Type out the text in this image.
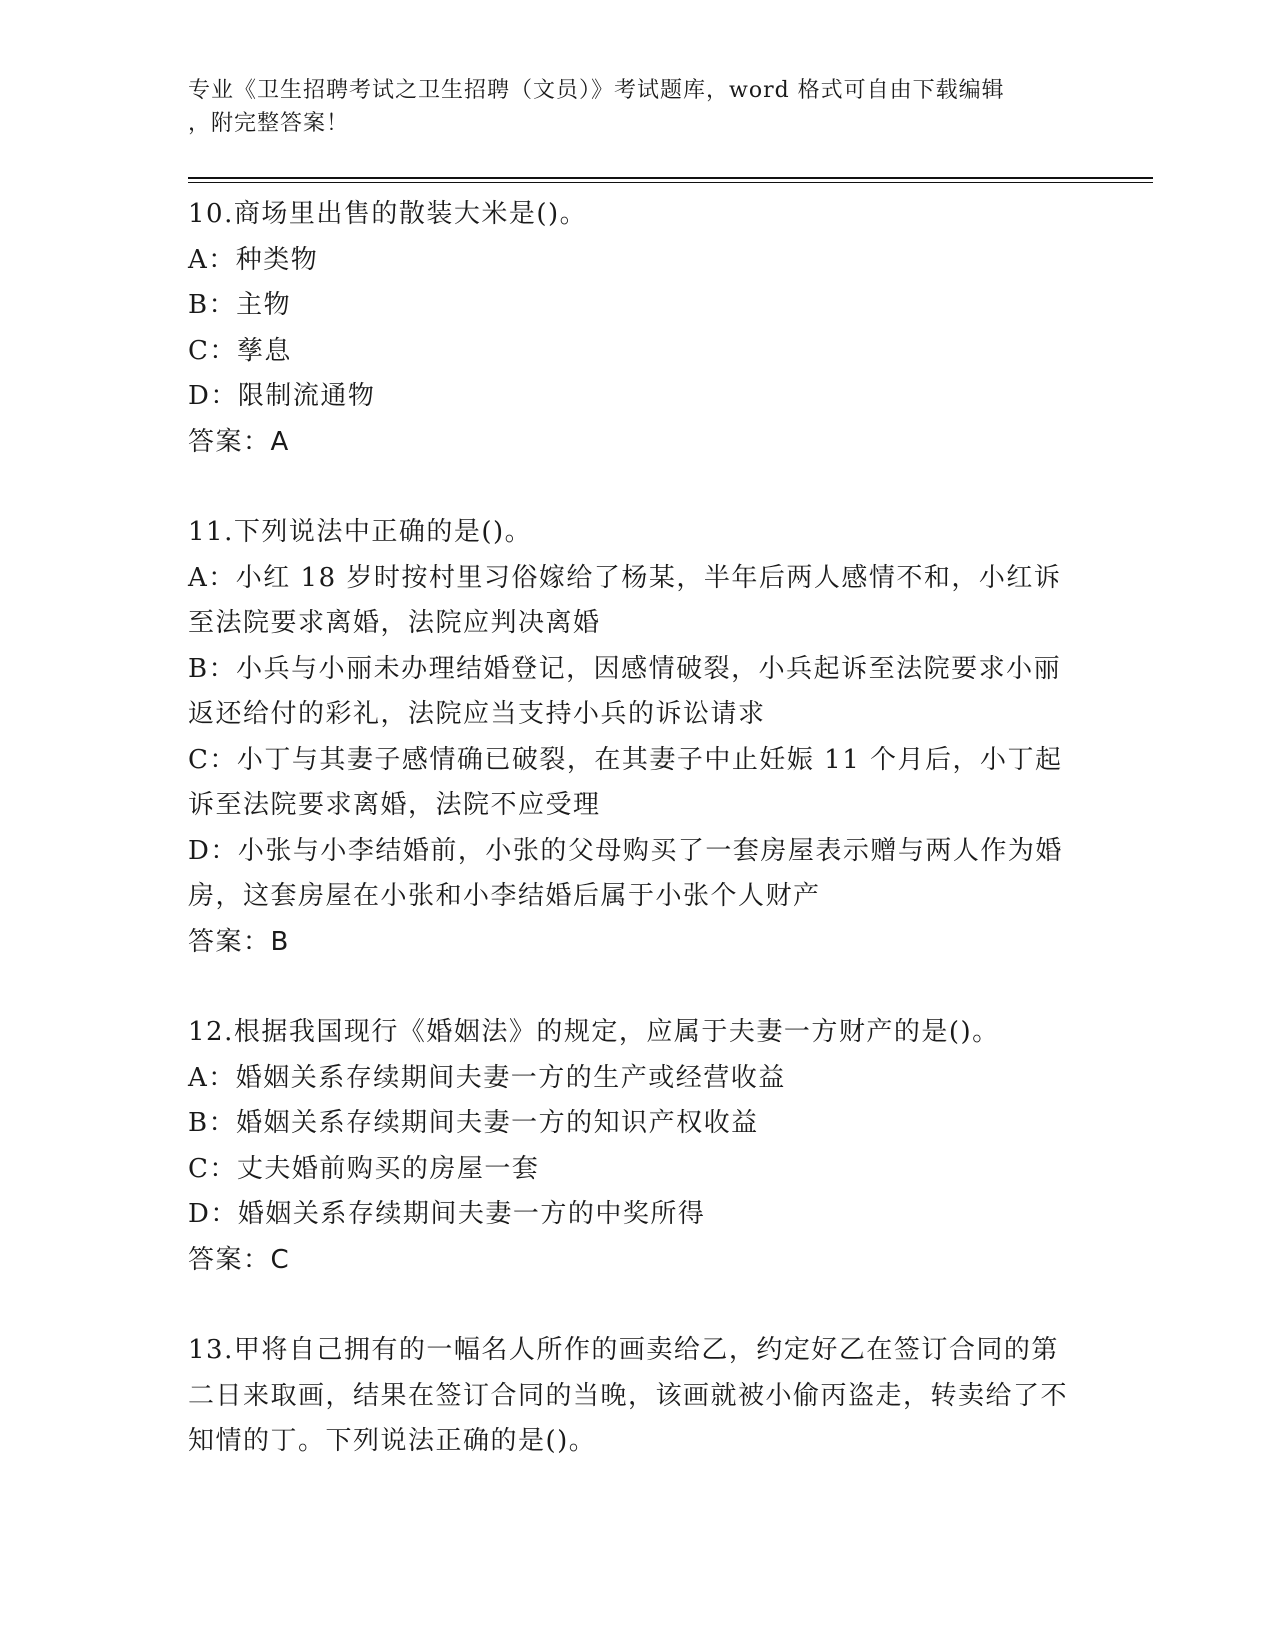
专业《卫生招聘考试之卫生招聘（文员）》考试题库，word 格式可自由下载编辑
，附完整答案！
10.商场里出售的散装大米是()。
A：种类物
B：主物
C：孳息
D：限制流通物
答案：A
11.下列说法中正确的是()。
A：小红 18 岁时按村里习俗嫁给了杨某，半年后两人感情不和，小红诉至法院要求离婚，法院应判决离婚
B：小兵与小丽未办理结婚登记，因感情破裂，小兵起诉至法院要求小丽返还给付的彩礼，法院应当支持小兵的诉讼请求
C：小丁与其妻子感情确已破裂，在其妻子中止妊娠 11 个月后，小丁起诉至法院要求离婚，法院不应受理
D：小张与小李结婚前，小张的父母购买了一套房屋表示赠与两人作为婚房，这套房屋在小张和小李结婚后属于小张个人财产
答案：B
12.根据我国现行《婚姻法》的规定，应属于夫妻一方财产的是()。
A：婚姻关系存续期间夫妻一方的生产或经营收益
B：婚姻关系存续期间夫妻一方的知识产权收益
C：丈夫婚前购买的房屋一套
D：婚姻关系存续期间夫妻一方的中奖所得
答案：C
13.甲将自己拥有的一幅名人所作的画卖给乙，约定好乙在签订合同的第二日来取画，结果在签订合同的当晚，该画就被小偷丙盗走，转卖给了不知情的丁。下列说法正确的是()。
